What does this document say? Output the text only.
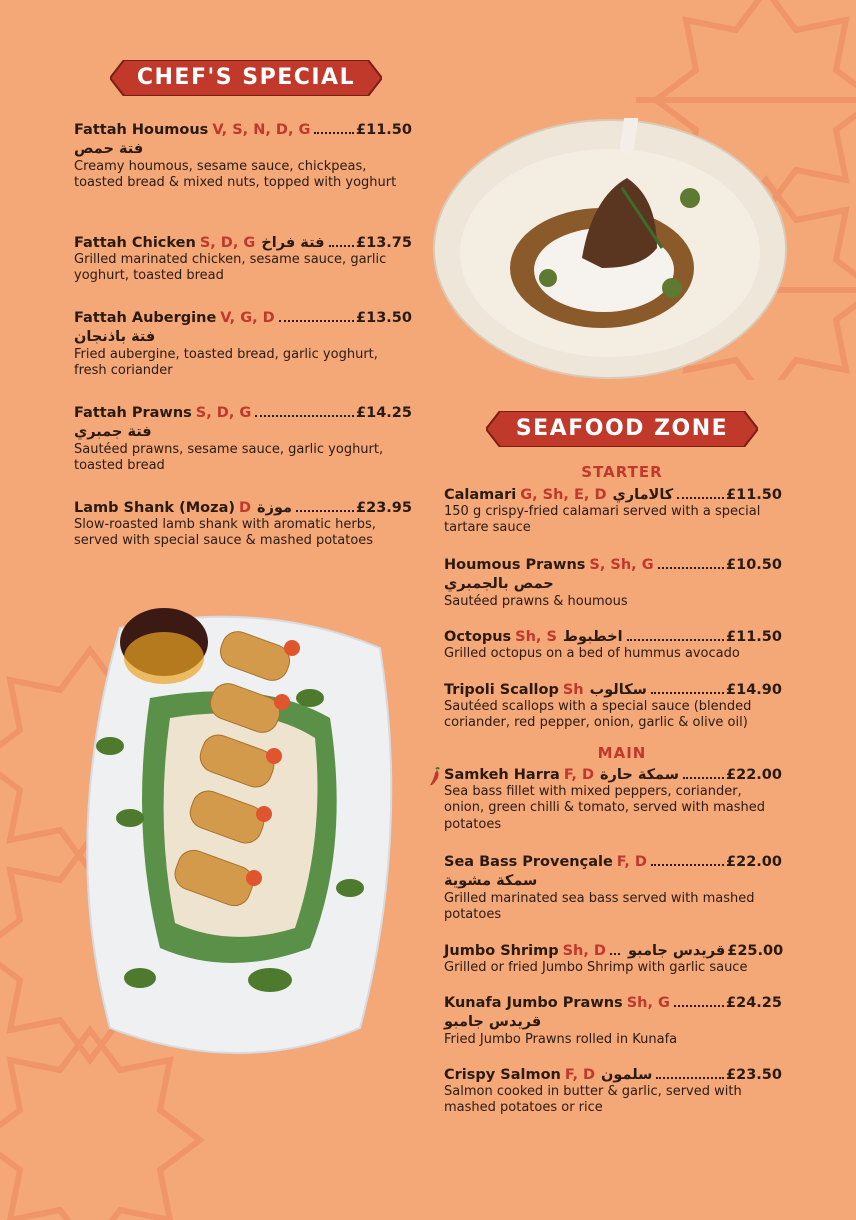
CHEF'S SPECIAL
SEAFOOD ZONE
Fattah Houmous V, S, N, D, G	£11.50
فتة حمص
Creamy houmous, sesame sauce, chickpeas, toasted bread & mixed nuts, topped with yoghurt
Fattah Chicken S, D, G فتة فراخ £13.75
Grilled marinated chicken, sesame sauce, garlic yoghurt, toasted bread
Fattah Aubergine V, G, D	£13.50
فتة باذنجان
Fried aubergine, toasted bread, garlic yoghurt, fresh coriander
Fattah Prawns S, D, G	£14.25
فتة جمبري
Sautéed prawns, sesame sauce, garlic yoghurt, toasted bread
Lamb Shank (Moza) D موزة	£23.95
Slow-roasted lamb shank with aromatic herbs, served with special sauce & mashed potatoes
STARTER
Calamari G, Sh, E, D كالاماري	£11.50
150 g crispy-fried calamari served with a special tartare sauce
Houmous Prawns S, Sh, G	£10.50
حمص بالجمبري
Sautéed prawns & houmous
Octopus Sh, S اخطبوط	£11.50
Grilled octopus on a bed of hummus avocado
Tripoli Scallop Sh سكالوب	£14.90
Sautéed scallops with a special sauce (blended coriander, red pepper, onion, garlic & olive oil)
MAIN
Samkeh Harra F, D سمكة حارة	£22.00
Sea bass fillet with mixed peppers, coriander, onion, green chilli & tomato, served with mashed potatoes
Sea Bass Provençale F, D	£22.00
سمكة مشوية
Grilled marinated sea bass served with mashed potatoes
Jumbo Shrimp Sh, D قريدس جامبو £25.00
Grilled or fried Jumbo Shrimp with garlic sauce
Kunafa Jumbo Prawns Sh, G	£24.25
قريدس جامبو
Fried Jumbo Prawns rolled in Kunafa
Crispy Salmon F, D سلمون	£23.50
Salmon cooked in butter & garlic, served with mashed potatoes or rice
